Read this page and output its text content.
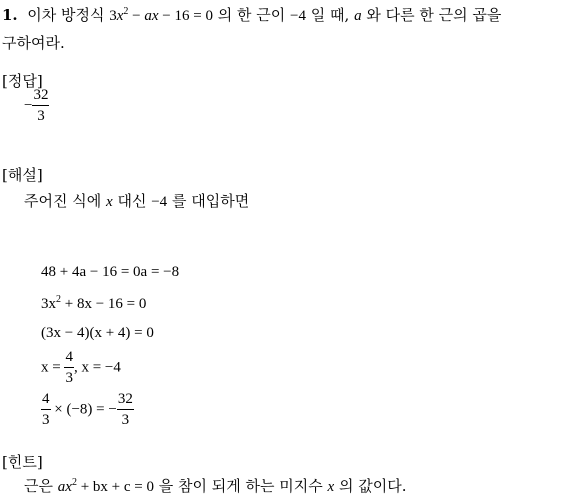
1. 이차 방정식 $3x^2$ − ax − 16 = 0 의 한 근이 −4 일 때, a 와 다른 한 근의 곱을
구하여라.
[정답]
− $\frac{32}{3}$
[해설]
주어진 식에 x 대신 −4 를 대입하면
48 + 4a − 16 = 0a = −8
$3x^2 + 8x - 16 = 0$
(3x − 4)(x + 4) = 0
$x = \frac{4}{3}$ , x = −4
$\frac{4}{3} \times (-8)$ = − $\frac{32}{3}$
[힌트]
근은 $ax^2$ + bx + c = 0 을 참이 되게 하는 미지수 x 의 값이다.
